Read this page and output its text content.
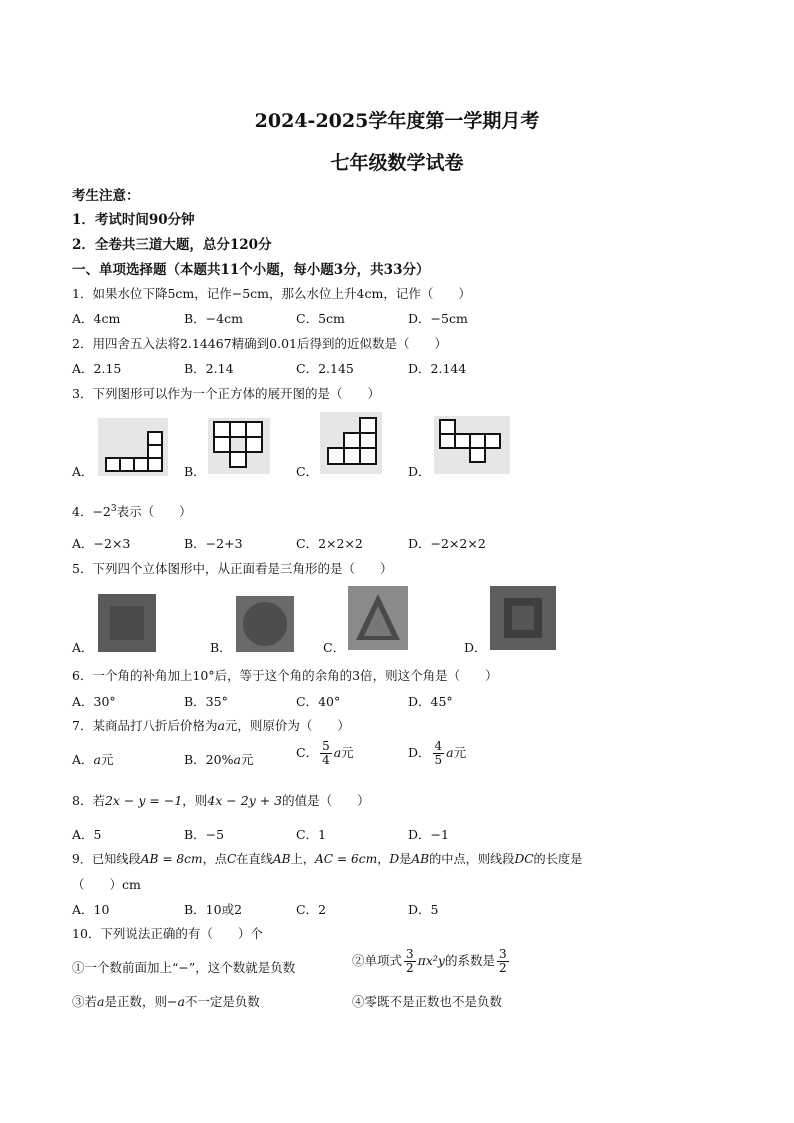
2024-2025学年度第一学期月考
七年级数学试卷
考生注意：
1．考试时间90分钟
2．全卷共三道大题，总分120分
一、单项选择题（本题共11个小题，每小题3分，共33分）
1．如果水位下降5cm，记作−5cm，那么水位上升4cm，记作（　　）
A．4cm	B．−4cm	C．5cm	D．−5cm
2．用四舍五入法将2.14467精确到0.01后得到的近似数是（　　）
A．2.15	B．2.14	C．2.145	D．2.144
3．下列图形可以作为一个正方体的展开图的是（　　）
A．	B．	C．	D．
4．$-2^3$表示（　　）
A．−2×3	B．−2+3	C．2×2×2	D．−2×2×2
5．下列四个立体图形中，从正面看是三角形的是（　　）
A．	B．	C．	D．
6．一个角的补角加上10°后，等于这个角的余角的3倍，则这个角是（　　）
A．30°	B．35°	C．40°	D．45°
7．某商品打八折后价格为a元，则原价为（　　）
A．a元	B．20%a元	C． $\frac{5}{4}$ a元	D． $\frac{4}{5}$ a元
8．若2x − y = −1，则4x − 2y + 3的值是（　　）
A．5	B．−5	C．1	D．−1
9．已知线段AB = 8cm，点C在直线AB上，AC = 6cm，D是AB的中点，则线段DC的长度是
（　　）cm
A．10	B．10或2	C．2	D．5
10．下列说法正确的有（　　）个
①一个数前面加上“−”，这个数就是负数	②单项式 $\frac{3}{2} \pi x^2y$的系数是 $\frac{3}{2}$
③若a是正数，则−a不一定是负数	④零既不是正数也不是负数
